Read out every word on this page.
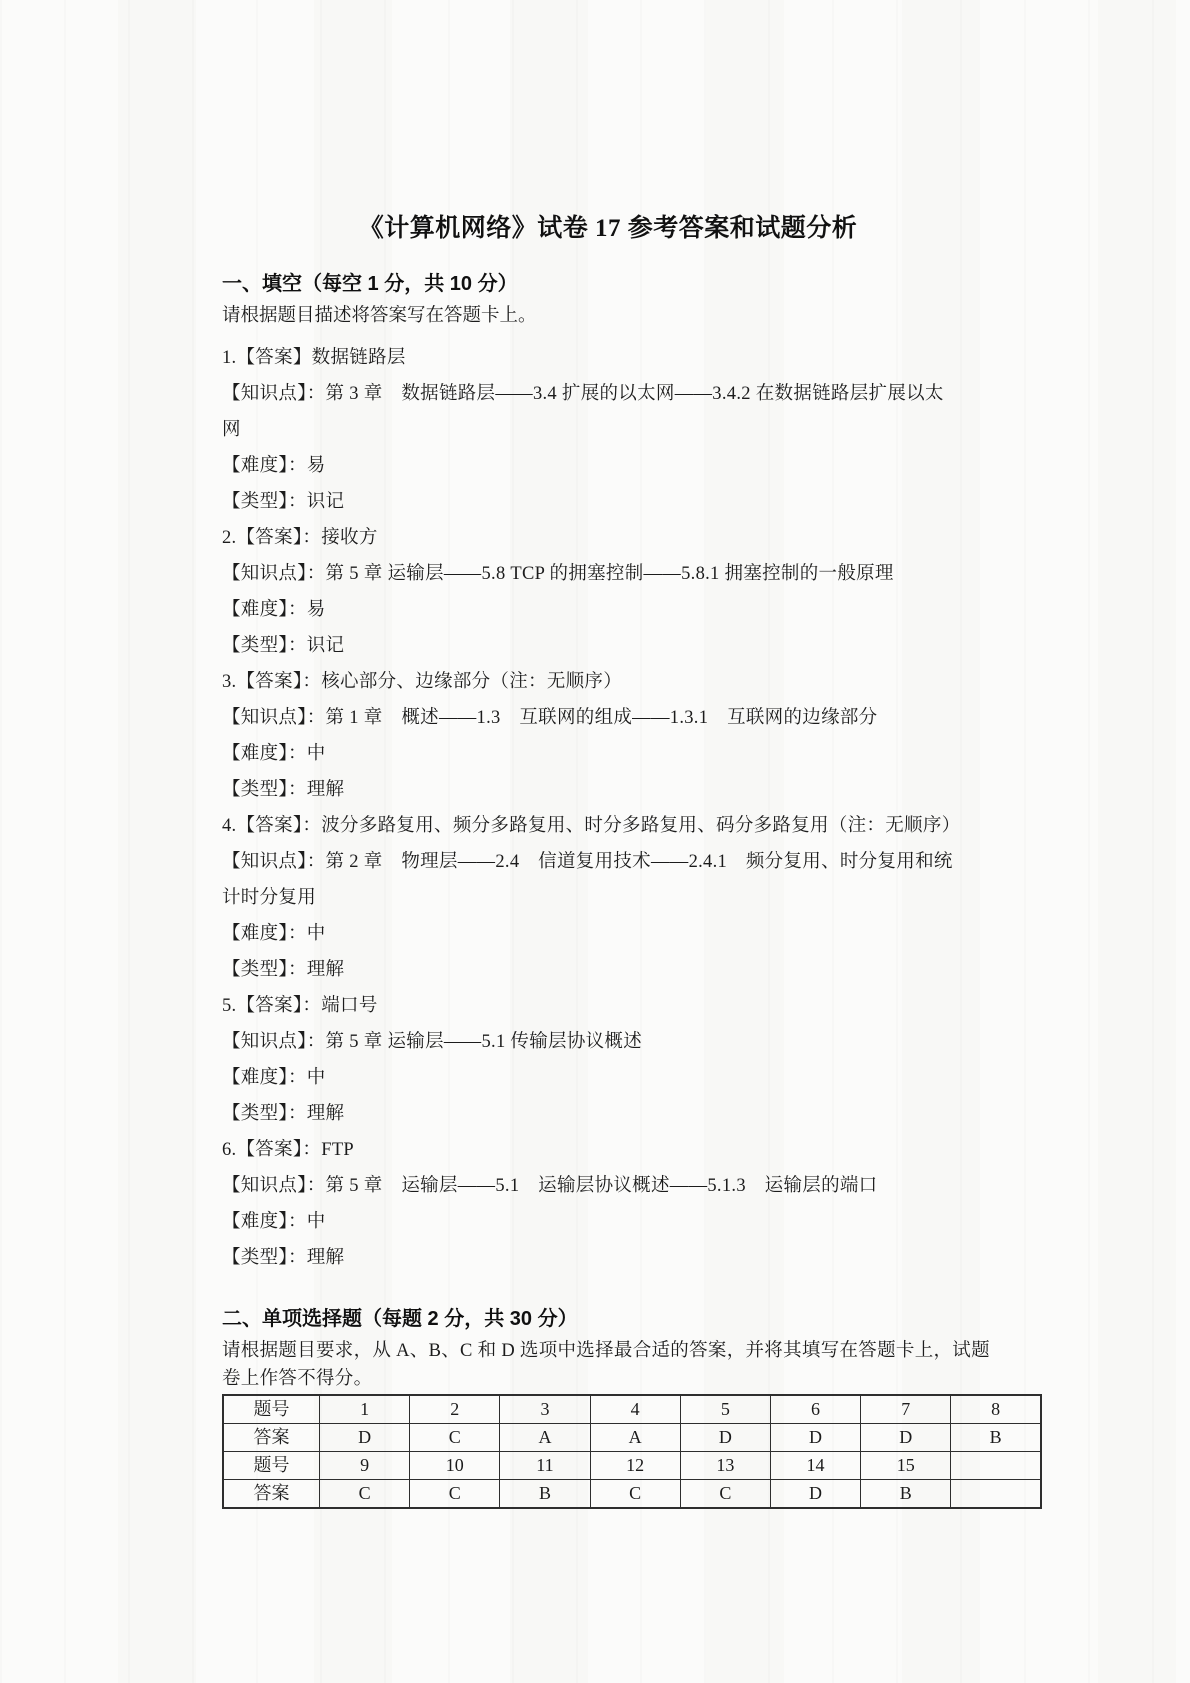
《计算机网络》试卷 17 参考答案和试题分析
一、填空（每空 1 分，共 10 分）

请根据题目描述将答案写在答题卡上。

1.【答案】数据链路层

【知识点】：第 3 章　数据链路层——3.4 扩展的以太网——3.4.2 在数据链路层扩展以太

网

【难度】：易

【类型】：识记

2.【答案】：接收方

【知识点】：第 5 章 运输层——5.8 TCP 的拥塞控制——5.8.1 拥塞控制的一般原理

【难度】：易

【类型】：识记

3.【答案】：核心部分、边缘部分（注：无顺序）

【知识点】：第 1 章　概述——1.3　互联网的组成——1.3.1　互联网的边缘部分

【难度】：中

【类型】：理解

4.【答案】：波分多路复用、频分多路复用、时分多路复用、码分多路复用（注：无顺序）

【知识点】：第 2 章　物理层——2.4　信道复用技术——2.4.1　频分复用、时分复用和统

计时分复用

【难度】：中

【类型】：理解

5.【答案】：端口号

【知识点】：第 5 章 运输层——5.1 传输层协议概述

【难度】：中

【类型】：理解

6.【答案】：FTP

【知识点】：第 5 章　运输层——5.1　运输层协议概述——5.1.3　运输层的端口

【难度】：中

【类型】：理解

二、单项选择题（每题 2 分，共 30 分）

请根据题目要求，从 A、B、C 和 D 选项中选择最合适的答案，并将其填写在答题卡上，试题

卷上作答不得分。

题号	1	2	3	4	5	6	7	8
答案	D	C	A	A	D	D	D	B
题号	9	10	11	12	13	14	15	
答案	C	C	B	C	C	D	B	
